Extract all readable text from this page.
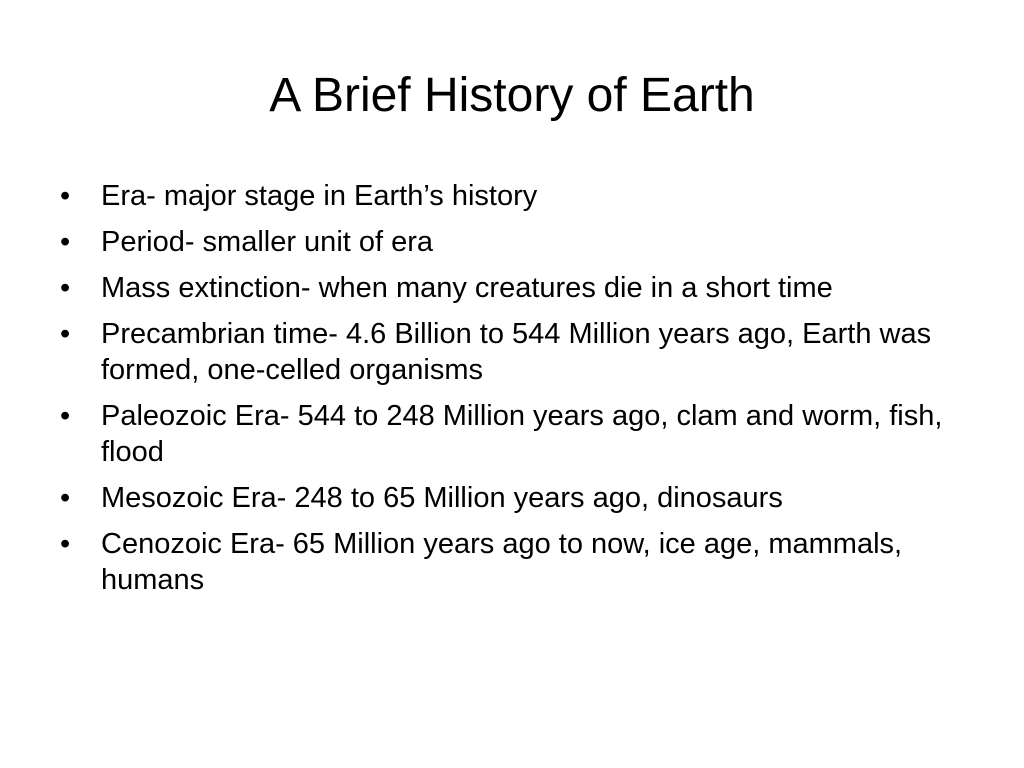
A Brief History of Earth
•	Era- major stage in Earth’s history
•	Period- smaller unit of era
•	Mass extinction- when many creatures die in a short time
•	Precambrian time- 4.6 Billion to 544 Million years ago, Earth was formed, one-celled organisms
•	Paleozoic Era- 544 to 248 Million years ago, clam and worm, fish, flood
•	Mesozoic Era- 248 to 65 Million years ago, dinosaurs
•	Cenozoic Era- 65 Million years ago to now, ice age, mammals, humans
